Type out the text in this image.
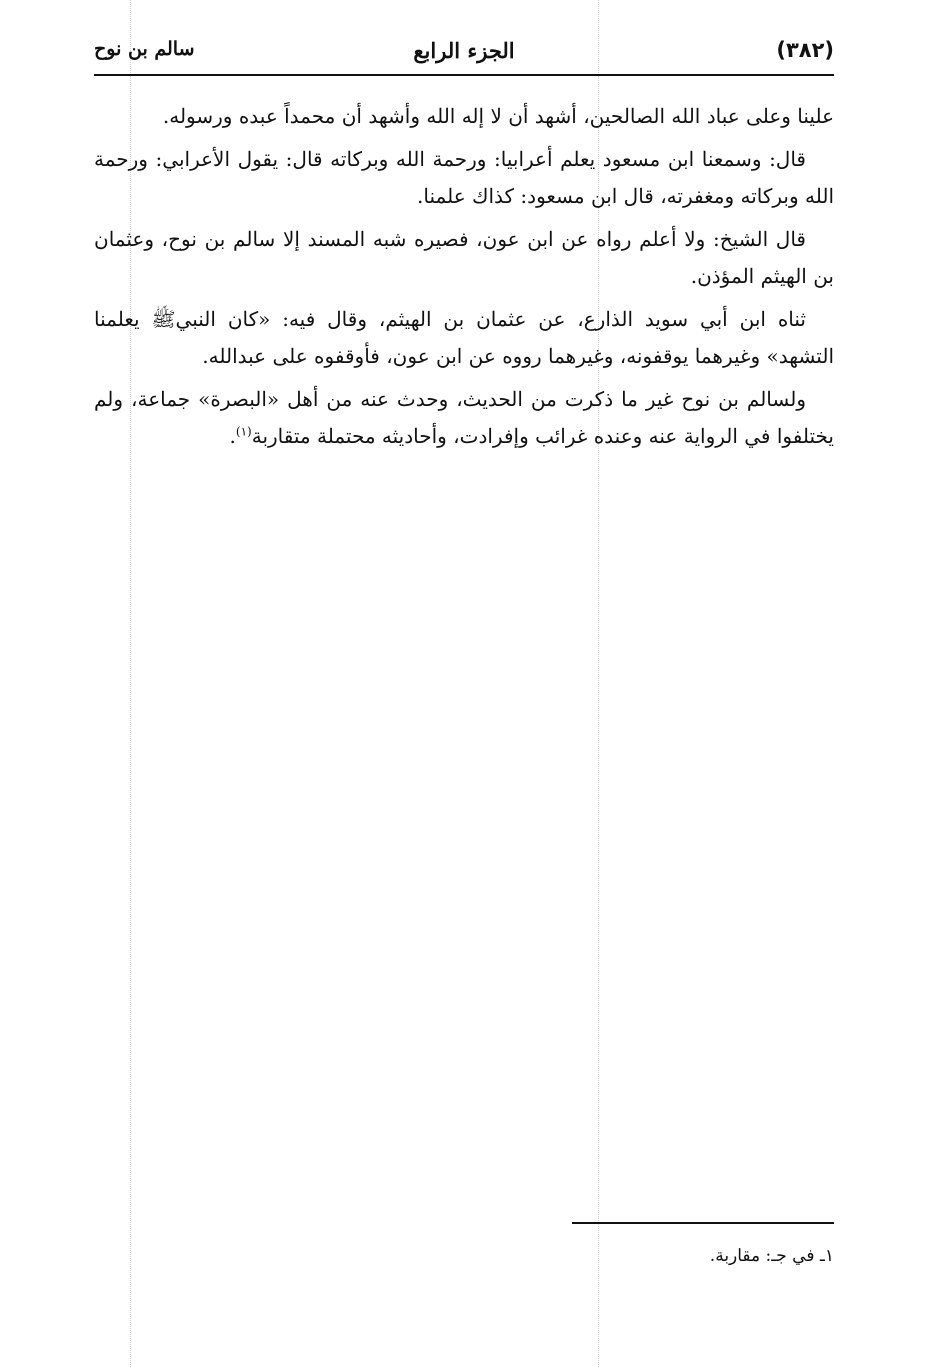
(٣٨٢)
الجزء الرابع
سالم بن نوح

علينا وعلى عباد الله الصالحين، أشهد أن لا إله الله وأشهد أن محمداً عبده ورسوله.

قال: وسمعنا ابن مسعود يعلم أعرابيا: ورحمة الله وبركاته قال: يقول الأعرابي: ورحمة الله وبركاته ومغفرته، قال ابن مسعود: كذاك علمنا.

قال الشيخ: ولا أعلم رواه عن ابن عون، فصيره شبه المسند إلا سالم بن نوح، وعثمان بن الهيثم المؤذن.

ثناه ابن أبي سويد الذارع، عن عثمان بن الهيثم، وقال فيه: «كان النبيﷺ يعلمنا التشهد» وغيرهما يوقفونه، وغيرهما رووه عن ابن عون، فأوقفوه على عبدالله.

ولسالم بن نوح غير ما ذكرت من الحديث، وحدث عنه من أهل «البصرة» جماعة، ولم يختلفوا في الرواية عنه وعنده غرائب وإفرادت، وأحاديثه محتملة متقاربة$^{(١)}$.

١ـ في جـ: مقاربة.
